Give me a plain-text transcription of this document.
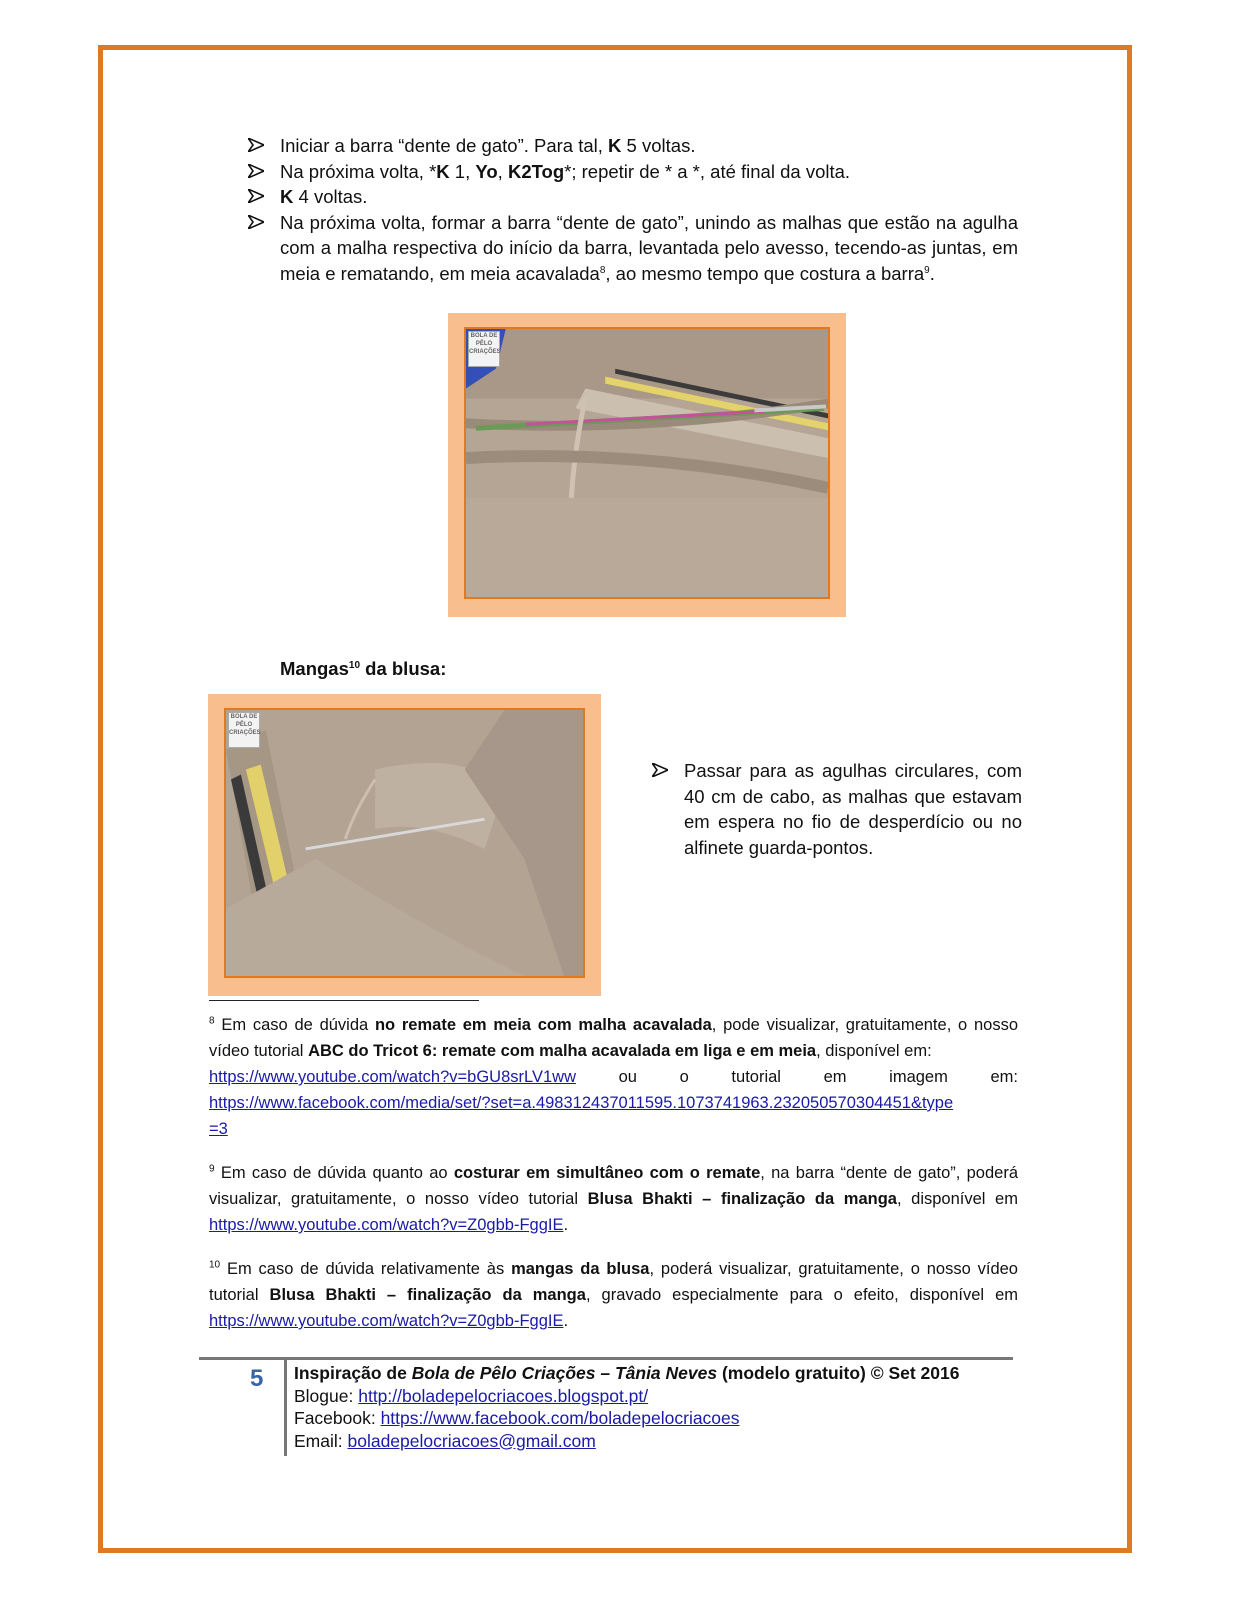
Iniciar a barra “dente de gato”. Para tal, K 5 voltas.
Na próxima volta, *K 1, Yo, K2Tog*; repetir de * a *, até final da volta.
K 4 voltas.
Na próxima volta, formar a barra “dente de gato”, unindo as malhas que estão na agulha com a malha respectiva do início da barra, levantada pelo avesso, tecendo-as juntas, em meia e rematando, em meia acavalada$^8$, ao mesmo tempo que costura a barra$^9$.
BOLA DE PÊLO CRIAÇÕES
Mangas$^{10}$ da blusa:
BOLA DE PÊLO CRIAÇÕES
Passar para as agulhas circulares, com 40 cm de cabo, as malhas que estavam em espera no fio de desperdício ou no alfinete guarda-pontos.
$^8$ Em caso de dúvida no remate em meia com malha acavalada, pode visualizar, gratuitamente, o nosso vídeo tutorial ABC do Tricot 6: remate com malha acavalada em liga e em meia, disponível em:
https://www.youtube.com/watch?v=bGU8srLV1ww	ou o tutorial em imagem em:
https://www.facebook.com/media/set/?set=a.498312437011595.1073741963.232050570304451&type
=3
$^9$ Em caso de dúvida quanto ao costurar em simultâneo com o remate, na barra “dente de gato”, poderá visualizar, gratuitamente, o nosso vídeo tutorial Blusa Bhakti – finalização da manga, disponível em https://www.youtube.com/watch?v=Z0gbb-FggIE.
$^{10}$ Em caso de dúvida relativamente às mangas da blusa, poderá visualizar, gratuitamente, o nosso vídeo tutorial Blusa Bhakti – finalização da manga, gravado especialmente para o efeito, disponível em https://www.youtube.com/watch?v=Z0gbb-FggIE.
5 Inspiração de Bola de Pêlo Criações – Tânia Neves (modelo gratuito) © Set 2016
Blogue: http://boladepelocriacoes.blogspot.pt/
Facebook: https://www.facebook.com/boladepelocriacoes
Email: boladepelocriacoes@gmail.com
